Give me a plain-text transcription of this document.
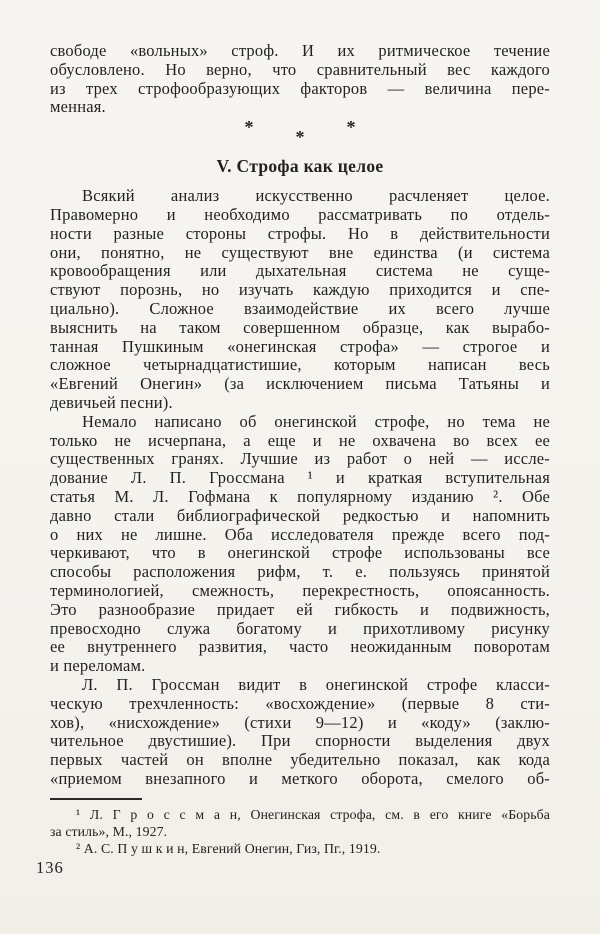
свободе «вольных» строф. И их ритмическое течение
обусловлено. Но верно, что сравнительный вес каждого
из трех строфообразующих факторов — величина пере-
менная.
* * *
V. Строфа как целое
Всякий анализ искусственно расчленяет целое.
Правомерно и необходимо рассматривать по отдель-
ности разные стороны строфы. Но в действительности
они, понятно, не существуют вне единства (и система
кровообращения или дыхательная система не суще-
ствуют порознь, но изучать каждую приходится и спе-
циально). Сложное взаимодействие их всего лучше
выяснить на таком совершенном образце, как вырабо-
танная Пушкиным «онегинская строфа» — строгое и
сложное четырнадцатистишие, которым написан весь
«Евгений Онегин» (за исключением письма Татьяны и
девичьей песни).
Немало написано об онегинской строфе, но тема не
только не исчерпана, а еще и не охвачена во всех ее
существенных гранях. Лучшие из работ о ней — иссле-
дование Л. П. Гроссмана ¹ и краткая вступительная
статья М. Л. Гофмана к популярному изданию ². Обе
давно стали библиографической редкостью и напомнить
о них не лишне. Оба исследователя прежде всего под-
черкивают, что в онегинской строфе использованы все
способы расположения рифм, т. е. пользуясь принятой
терминологией, смежность, перекрестность, опоясанность.
Это разнообразие придает ей гибкость и подвижность,
превосходно служа богатому и прихотливому рисунку
ее внутреннего развития, часто неожиданным поворотам
и переломам.
Л. П. Гроссман видит в онегинской строфе класси-
ческую трехчленность: «восхождение» (первые 8 сти-
хов), «нисхождение» (стихи 9—12) и «коду» (заклю-
чительное двустишие). При спорности выделения двух
первых частей он вполне убедительно показал, как кода
«приемом внезапного и меткого оборота, смелого об-
¹ Л. Г р о с с м а н, Онегинская строфа, см. в его книге «Борьба
за стиль», М., 1927.
² А. С. П у ш к и н, Евгений Онегин, Гиз, Пг., 1919.
136
